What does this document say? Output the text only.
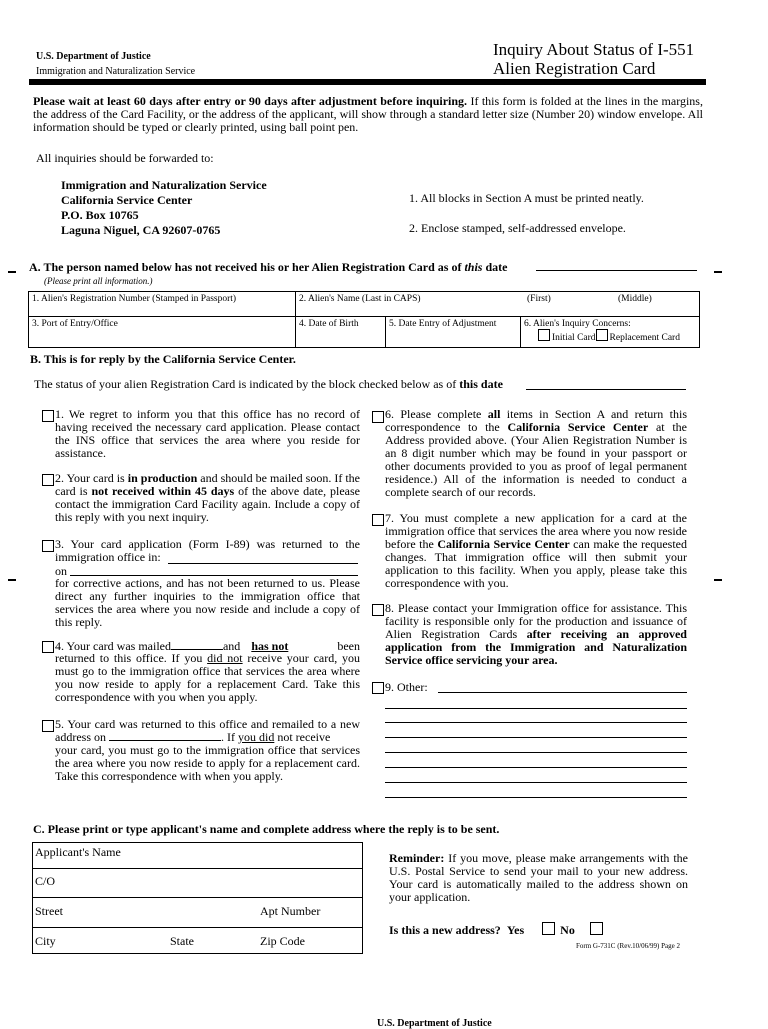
U.S. Department of Justice
Immigration and Naturalization Service
Inquiry About Status of I-551
Alien Registration Card
Please wait at least 60 days after entry or 90 days after adjustment before inquiring. If this form is folded at the lines in the margins, the address of the Card Facility, or the address of the applicant, will show through a standard letter size (Number 20) window envelope. All information should be typed or clearly printed, using ball point pen.
All inquiries should be forwarded to:
Immigration and Naturalization Service
California Service Center
P.O. Box 10765
Laguna Niguel, CA 92607-0765
1. All blocks in Section A must be printed neatly.
2. Enclose stamped, self-addressed envelope.
A. The person named below has not received his or her Alien Registration Card as of this date
(Please print all information.)
1. Alien's Registration Number (Stamped in Passport)	2. Alien's Name (Last in CAPS)	(First)	(Middle)
3. Port of Entry/Office	4. Date of Birth	5. Date Entry of Adjustment	6. Alien's Inquiry Concerns:
Initial Card Replacement Card
B. This is for reply by the California Service Center.
The status of your alien Registration Card is indicated by the block checked below as of this date
1. We regret to inform you that this office has no record of having received the necessary card application. Please contact the INS office that services the area where you reside for assistance.
2. Your card is in production and should be mailed soon. If the card is not received within 45 days of the above date, please contact the immigration Card Facility again. Include a copy of this reply with you next inquiry.
3. Your card application (Form I-89) was returned to the immigration office in:
on
for corrective actions, and has not been returned to us. Please direct any further inquiries to the immigration office that services the area where you now reside and include a copy of this reply.
4. Your card was mailed	and has not	been
returned to this office. If you did not receive your card, you must go to the immigration office that services the area where you now reside to apply for a replacement Card. Take this correspondence with you when you apply.
5. Your card was returned to this office and remailed to a new address on	. If you did not receive
your card, you must go to the immigration office that services the area where you now reside to apply for a replacement card. Take this correspondence with when you apply.
6. Please complete all items in Section A and return this correspondence to the California Service Center at the Address provided above. (Your Alien Registration Number is an 8 digit number which may be found in your passport or other documents provided to you as proof of legal permanent residence.) All of the information is needed to conduct a complete search of our records.
7. You must complete a new application for a card at the immigration office that services the area where you now reside before the California Service Center can make the requested changes. That immigration office will then submit your application to this facility. When you apply, please take this correspondence with you.
8. Please contact your Immigration office for assistance. This facility is responsible only for the production and issuance of Alien Registration Cards after receiving an approved application from the Immigration and Naturalization Service office servicing your area.
9. Other:
C. Please print or type applicant's name and complete address where the reply is to be sent.
Applicant's Name
C/O
Street	Apt Number
City	State	Zip Code
Reminder: If you move, please make arrangements with the U.S. Postal Service to send your mail to your new address. Your card is automatically mailed to the address shown on your application.
Is this a new address? Yes	No
Form G-731C (Rev.10/06/99) Page 2
U.S. Department of Justice
